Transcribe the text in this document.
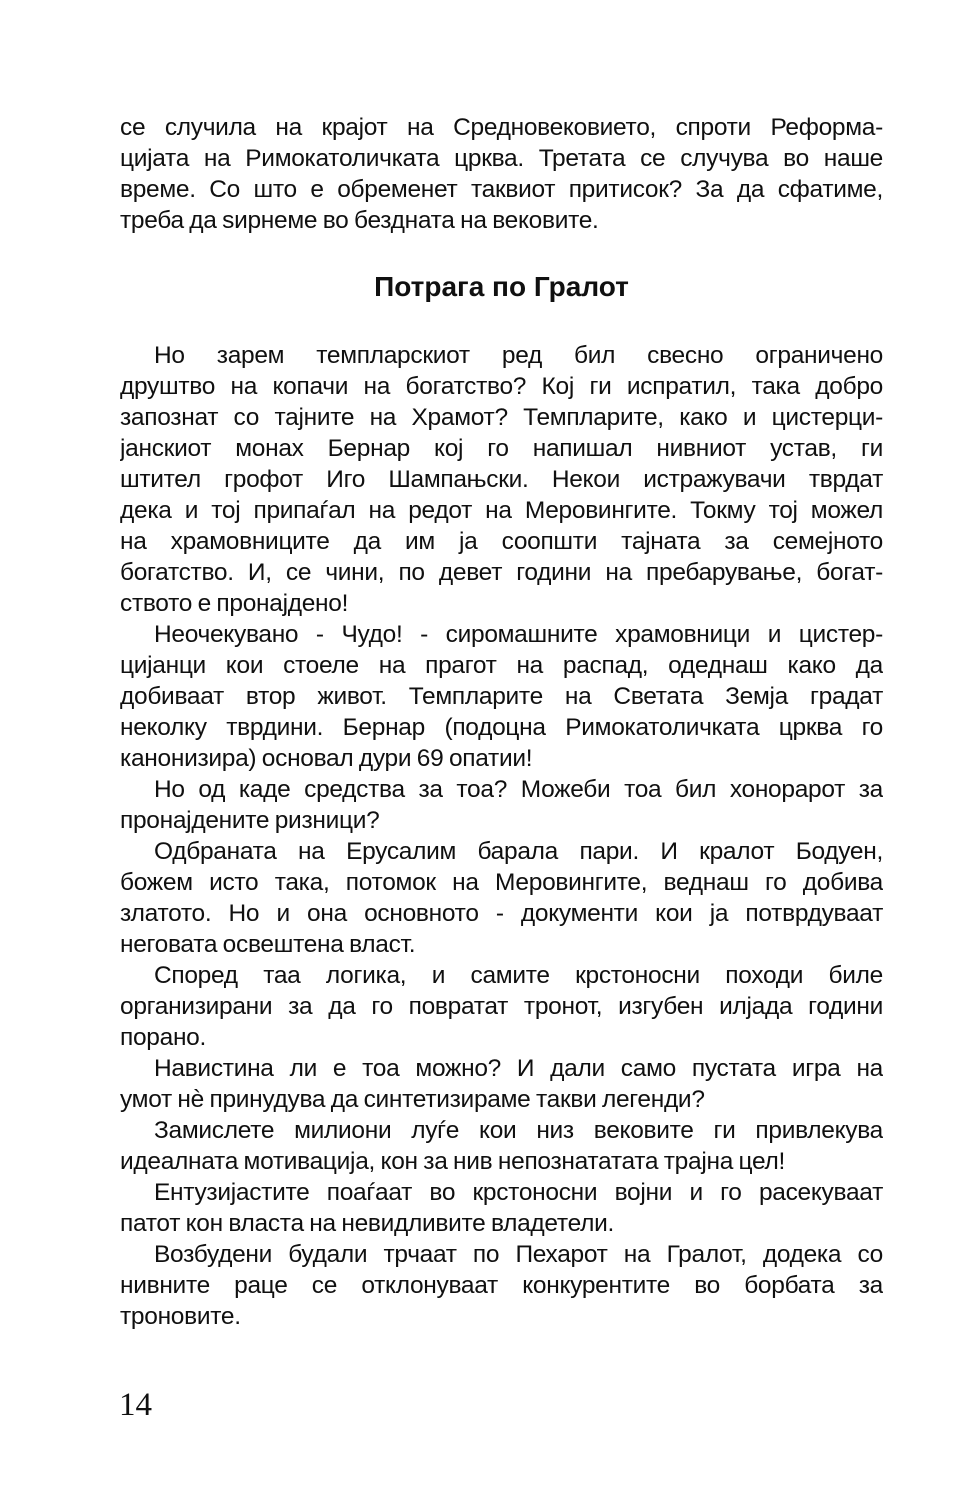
се случила на крајот на Средновековието, спроти Реформа-
цијата на Римокатоличката црква. Третата се случува во наше
време. Со што е обременет таквиот притисок? За да сфатиме,
треба да ѕирнеме во бездната на вековите.
Потрага по Гралот
Но зарем темпларскиот ред бил свесно ограничено
друштво на копачи на богатство? Кој ги испратил, така добро
запознат со тајните на Храмот? Темпларите, како и цистерци-
јанскиот монах Бернар кој го напишал нивниот устав, ги
штител грофот Иго Шампањски. Некои истражувачи тврдат
дека и тој припаѓал на редот на Меровингите. Токму тој можел
на храмовниците да им ја соопшти тајната за семејното
богатство. И, се чини, по девет години на пребарување, богат-
ството е пронајдено!
Неочекувано - Чудо! - сиромашните храмовници и цистер-
цијанци кои стоеле на прагот на распад, одеднаш како да
добиваат втор живот. Темпларите на Светата Земја градат
неколку тврдини. Бернар (подоцна Римокатоличката црква го
канонизира) основал дури 69 опатии!
Но од каде средства за тоа? Можеби тоа бил хонорарот за
пронајдените ризници?
Одбраната на Ерусалим барала пари. И кралот Бодуен,
божем исто така, потомок на Меровингите, веднаш го добива
златото. Но и она основното - документи кои ја потврдуваат
неговата освештена власт.
Според таа логика, и самите крстоносни походи биле
организирани за да го повратат тронот, изгубен илјада години
порано.
Навистина ли е тоа можно? И дали само пустата игра на
умот нѐ принудува да синтетизираме такви легенди?
Замислете милиони луѓе кои низ вековите ги привлекува
идеалната мотивација, кон за нив непознататата трајна цел!
Ентузијастите поаѓаат во крстоносни војни и го расекуваат
патот кон власта на невидливите владетели.
Возбудени будали трчаат по Пехарот на Гралот, додека со
нивните раце се отклонуваат конкурентите во борбата за
троновите.
14
